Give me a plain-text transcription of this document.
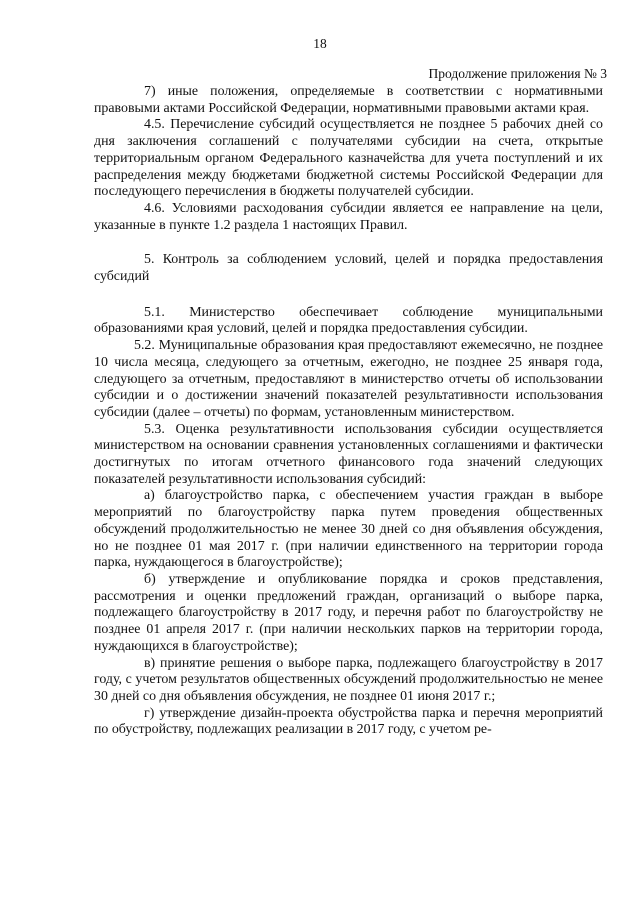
18
Продолжение приложения № 3

7) иные положения, определяемые в соответствии с нормативными правовыми актами Российской Федерации, нормативными правовыми актами края.

4.5. Перечисление субсидий осуществляется не позднее 5 рабочих дней со дня заключения соглашений с получателями субсидии на счета, открытые территориальным органом Федерального казначейства для учета поступлений и их распределения между бюджетами бюджетной системы Российской Федерации для последующего перечисления в бюджеты получателей субсидии.

4.6. Условиями расходования субсидии является ее направление на цели, указанные в пункте 1.2 раздела 1 настоящих Правил.

5. Контроль за соблюдением условий, целей и порядка предоставления субсидий

5.1. Министерство обеспечивает соблюдение муниципальными образованиями края условий, целей и порядка предоставления субсидии.

5.2. Муниципальные образования края предоставляют ежемесячно, не позднее 10 числа месяца, следующего за отчетным, ежегодно, не позднее 25 января года, следующего за отчетным, предоставляют в министерство отчеты об использовании субсидии и о достижении значений показателей результативности использования субсидии (далее – отчеты) по формам, установленным министерством.

5.3. Оценка результативности использования субсидии осуществляется министерством на основании сравнения установленных соглашениями и фактически достигнутых по итогам отчетного финансового года значений следующих показателей результативности использования субсидий:

а) благоустройство парка, с обеспечением участия граждан в выборе мероприятий по благоустройству парка путем проведения общественных обсуждений продолжительностью не менее 30 дней со дня объявления обсуждения, но не позднее 01 мая 2017 г. (при наличии единственного на территории города парка, нуждающегося в благоустройстве);

б) утверждение и опубликование порядка и сроков представления, рассмотрения и оценки предложений граждан, организаций о выборе парка, подлежащего благоустройству в 2017 году, и перечня работ по благоустройству не позднее 01 апреля 2017 г. (при наличии нескольких парков на территории города, нуждающихся в благоустройстве);

в) принятие решения о выборе парка, подлежащего благоустройству в 2017 году, с учетом результатов общественных обсуждений продолжительностью не менее 30 дней со дня объявления обсуждения, не позднее 01 июня 2017 г.;

г) утверждение дизайн-проекта обустройства парка и перечня мероприятий по обустройству, подлежащих реализации в 2017 году, с учетом ре-
